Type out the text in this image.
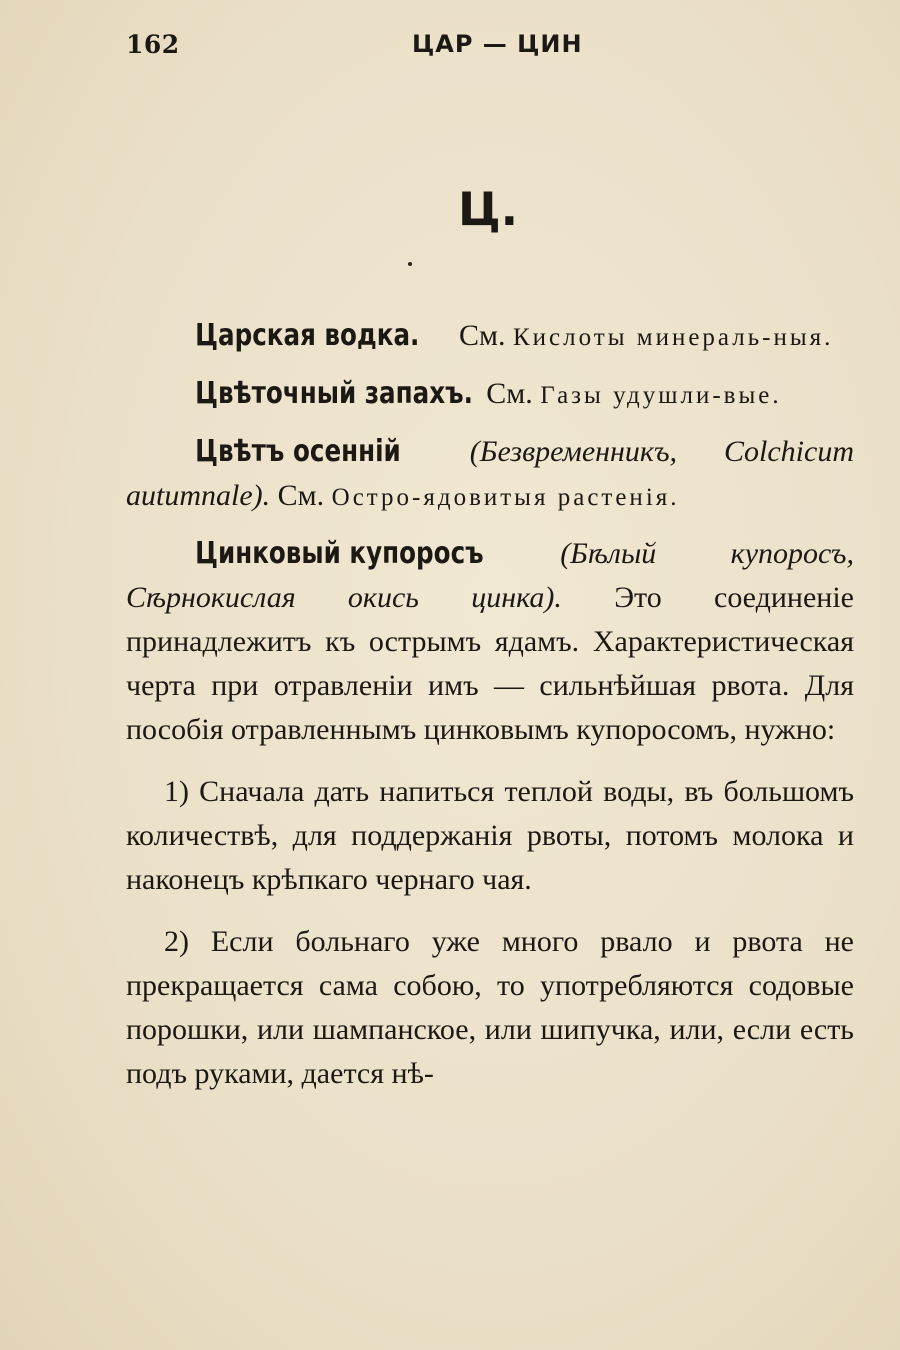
162	ЦАР — ЦИН
Ц.

Царская водка. См. Кислоты минераль-ныя.

Цвѣточный запахъ. См. Газы удушли-вые.

Цвѣтъ осеннiй (Безвременникъ, Colchicum autumnale). См. Остро-ядовитыя растенiя.

Цинковый купоросъ	(Бѣлый купоросъ, Сѣрнокислая окись цинка). Это соединенiе принадлежитъ къ острымъ ядамъ. Характеристическая черта при отравленiи имъ — сильнѣйшая рвота. Для пособiя отравленнымъ цинковымъ купоросомъ, нужно:

1) Сначала дать напиться теплой воды, въ большомъ количествѣ, для поддержанiя рвоты, потомъ молока и наконецъ крѣпкаго чернаго чая.

2) Если больнаго уже много рвало и рвота не прекращается сама собою, то употребляются содовые порошки, или шампанское, или шипучка, или, если есть подъ руками, дается нѣ-
